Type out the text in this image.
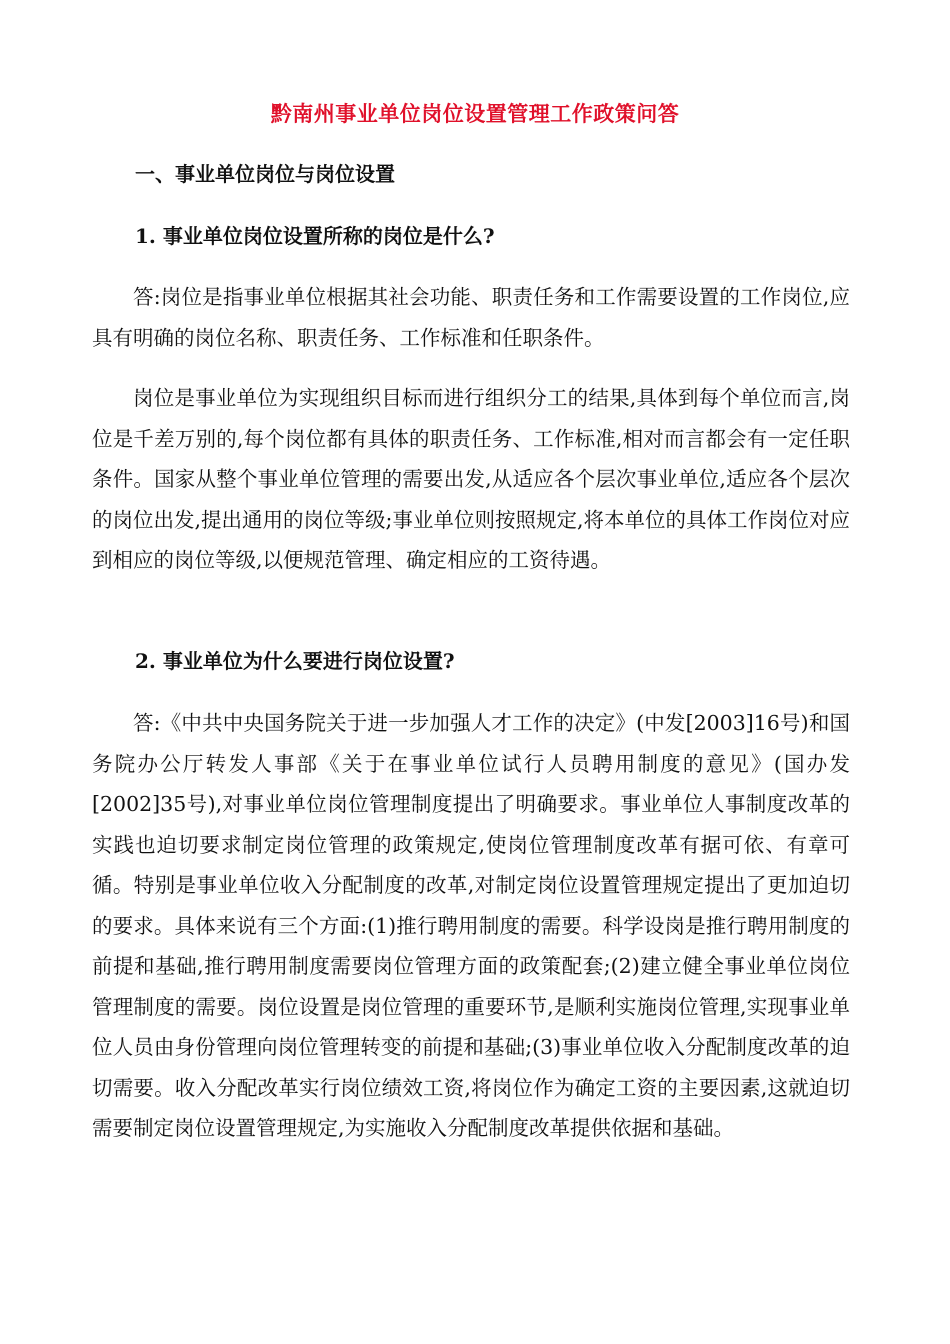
黔南州事业单位岗位设置管理工作政策问答
一、事业单位岗位与岗位设置
1. 事业单位岗位设置所称的岗位是什么?

答:岗位是指事业单位根据其社会功能、职责任务和工作需要设置的工作岗位,应具有明确的岗位名称、职责任务、工作标准和任职条件。

岗位是事业单位为实现组织目标而进行组织分工的结果,具体到每个单位而言,岗位是千差万别的,每个岗位都有具体的职责任务、工作标准,相对而言都会有一定任职条件。国家从整个事业单位管理的需要出发,从适应各个层次事业单位,适应各个层次的岗位出发,提出通用的岗位等级;事业单位则按照规定,将本单位的具体工作岗位对应到相应的岗位等级,以便规范管理、确定相应的工资待遇。

2. 事业单位为什么要进行岗位设置?

答:《中共中央国务院关于进一步加强人才工作的决定》(中发[2003]16号)和国务院办公厅转发人事部《关于在事业单位试行人员聘用制度的意见》(国办发[2002]35号),对事业单位岗位管理制度提出了明确要求。事业单位人事制度改革的实践也迫切要求制定岗位管理的政策规定,使岗位管理制度改革有据可依、有章可循。特别是事业单位收入分配制度的改革,对制定岗位设置管理规定提出了更加迫切的要求。具体来说有三个方面:(1)推行聘用制度的需要。科学设岗是推行聘用制度的前提和基础,推行聘用制度需要岗位管理方面的政策配套;(2)建立健全事业单位岗位管理制度的需要。岗位设置是岗位管理的重要环节,是顺利实施岗位管理,实现事业单位人员由身份管理向岗位管理转变的前提和基础;(3)事业单位收入分配制度改革的迫切需要。收入分配改革实行岗位绩效工资,将岗位作为确定工资的主要因素,这就迫切需要制定岗位设置管理规定,为实施收入分配制度改革提供依据和基础。
